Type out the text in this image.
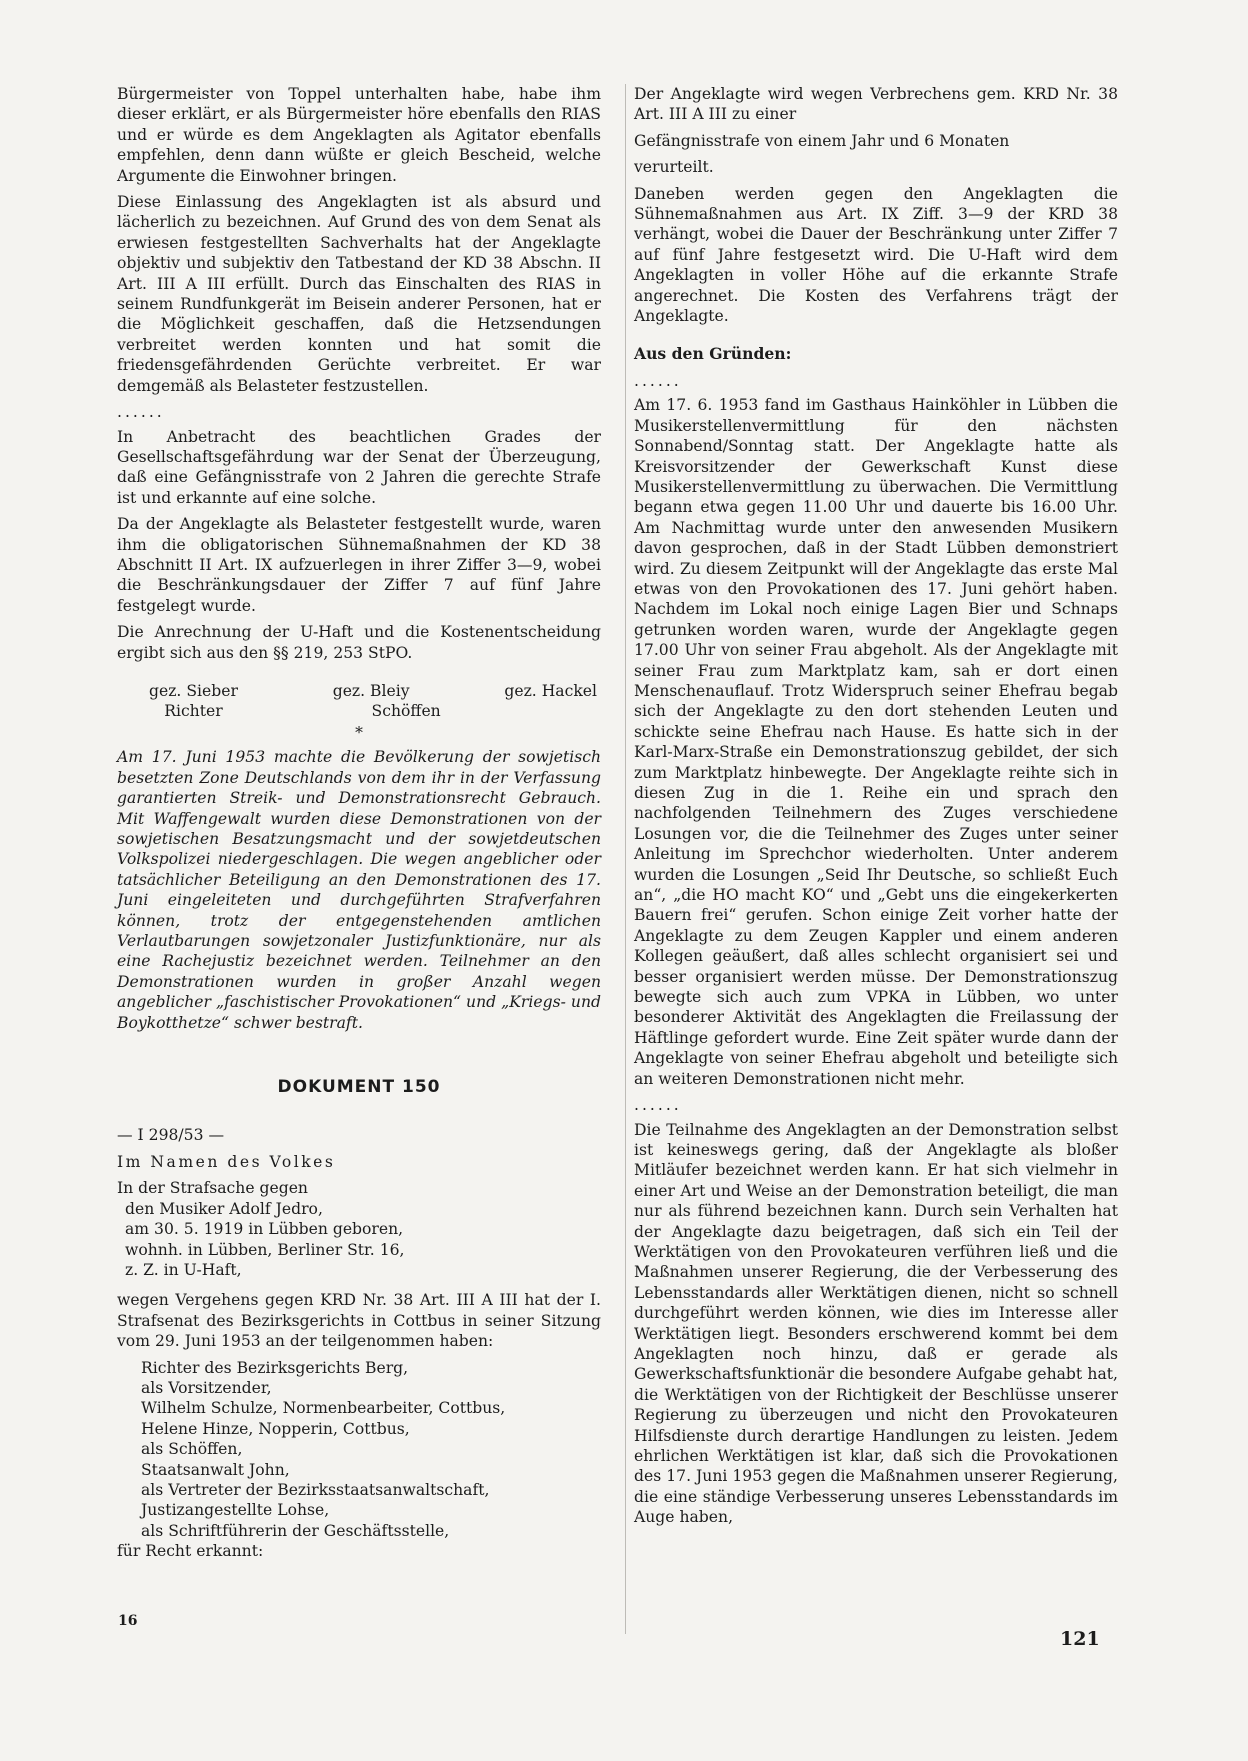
Bürgermeister von Toppel unterhalten habe, habe ihm dieser erklärt, er als Bürgermeister höre ebenfalls den RIAS und er würde es dem Angeklagten als Agitator ebenfalls empfehlen, denn dann wüßte er gleich Bescheid, welche Argumente die Einwohner bringen.

Diese Einlassung des Angeklagten ist als absurd und lächerlich zu bezeichnen. Auf Grund des von dem Senat als erwiesen festgestellten Sachverhalts hat der Angeklagte objektiv und subjektiv den Tatbestand der KD 38 Abschn. II Art. III A III erfüllt. Durch das Einschalten des RIAS in seinem Rundfunkgerät im Beisein anderer Personen, hat er die Möglichkeit geschaffen, daß die Hetzsendungen verbreitet werden konnten und hat somit die friedensgefährdenden Gerüchte verbreitet. Er war demgemäß als Belasteter festzustellen.

......

In Anbetracht des beachtlichen Grades der Gesellschaftsgefährdung war der Senat der Überzeugung, daß eine Gefängnisstrafe von 2 Jahren die gerechte Strafe ist und erkannte auf eine solche.

Da der Angeklagte als Belasteter festgestellt wurde, waren ihm die obligatorischen Sühnemaßnahmen der KD 38 Abschnitt II Art. IX aufzuerlegen in ihrer Ziffer 3—9, wobei die Beschränkungsdauer der Ziffer 7 auf fünf Jahre festgelegt wurde.

Die Anrechnung der U-Haft und die Kostenentscheidung ergibt sich aus den §§ 219, 253 StPO.

gez. Sieber
Richter
gez. Bleiy
Schöffen
gez. Hackel
*

Am 17. Juni 1953 machte die Bevölkerung der sowjetisch besetzten Zone Deutschlands von dem ihr in der Verfassung garantierten Streik- und Demonstrationsrecht Gebrauch. Mit Waffengewalt wurden diese Demonstrationen von der sowjetischen Besatzungsmacht und der sowjetdeutschen Volkspolizei niedergeschlagen. Die wegen angeblicher oder tatsächlicher Beteiligung an den Demonstrationen des 17. Juni eingeleiteten und durchgeführten Strafverfahren können, trotz der entgegenstehenden amtlichen Verlautbarungen sowjetzonaler Justizfunktionäre, nur als eine Rachejustiz bezeichnet werden. Teilnehmer an den Demonstrationen wurden in großer Anzahl wegen angeblicher „faschistischer Provokationen“ und „Kriegs- und Boykotthetze“ schwer bestraft.

DOKUMENT 150

— I 298/53 —

Im Namen des Volkes

In der Strafsache gegen

den Musiker Adolf Jedro,
am 30. 5. 1919 in Lübben geboren,
wohnh. in Lübben, Berliner Str. 16,
z. Z. in U-Haft,

wegen Vergehens gegen KRD Nr. 38 Art. III A III hat der I. Strafsenat des Bezirksgerichts in Cottbus in seiner Sitzung vom 29. Juni 1953 an der teilgenommen haben:

Richter des Bezirksgerichts Berg,
als Vorsitzender,
Wilhelm Schulze, Normenbearbeiter, Cottbus,
Helene Hinze, Nopperin, Cottbus,
als Schöffen,
Staatsanwalt John,
als Vertreter der Bezirksstaatsanwaltschaft,
Justizangestellte Lohse,
als Schriftführerin der Geschäftsstelle,

für Recht erkannt:

Der Angeklagte wird wegen Verbrechens gem. KRD Nr. 38 Art. III A III zu einer

Gefängnisstrafe von einem Jahr und 6 Monaten

verurteilt.

Daneben werden gegen den Angeklagten die Sühnemaßnahmen aus Art. IX Ziff. 3—9 der KRD 38 verhängt, wobei die Dauer der Beschränkung unter Ziffer 7 auf fünf Jahre festgesetzt wird. Die U-Haft wird dem Angeklagten in voller Höhe auf die erkannte Strafe angerechnet. Die Kosten des Verfahrens trägt der Angeklagte.

Aus den Gründen:

......

Am 17. 6. 1953 fand im Gasthaus Hainköhler in Lübben die Musikerstellenvermittlung für den nächsten Sonnabend/Sonntag statt. Der Angeklagte hatte als Kreisvorsitzender der Gewerkschaft Kunst diese Musikerstellenvermittlung zu überwachen. Die Vermittlung begann etwa gegen 11.00 Uhr und dauerte bis 16.00 Uhr. Am Nachmittag wurde unter den anwesenden Musikern davon gesprochen, daß in der Stadt Lübben demonstriert wird. Zu diesem Zeitpunkt will der Angeklagte das erste Mal etwas von den Provokationen des 17. Juni gehört haben. Nachdem im Lokal noch einige Lagen Bier und Schnaps getrunken worden waren, wurde der Angeklagte gegen 17.00 Uhr von seiner Frau abgeholt. Als der Angeklagte mit seiner Frau zum Marktplatz kam, sah er dort einen Menschenauflauf. Trotz Widerspruch seiner Ehefrau begab sich der Angeklagte zu den dort stehenden Leuten und schickte seine Ehefrau nach Hause. Es hatte sich in der Karl-Marx-Straße ein Demonstrationszug gebildet, der sich zum Marktplatz hinbewegte. Der Angeklagte reihte sich in diesen Zug in die 1. Reihe ein und sprach den nachfolgenden Teilnehmern des Zuges verschiedene Losungen vor, die die Teilnehmer des Zuges unter seiner Anleitung im Sprechchor wiederholten. Unter anderem wurden die Losungen „Seid Ihr Deutsche, so schließt Euch an“, „die HO macht KO“ und „Gebt uns die eingekerkerten Bauern frei“ gerufen. Schon einige Zeit vorher hatte der Angeklagte zu dem Zeugen Kappler und einem anderen Kollegen geäußert, daß alles schlecht organisiert sei und besser organisiert werden müsse. Der Demonstrationszug bewegte sich auch zum VPKA in Lübben, wo unter besonderer Aktivität des Angeklagten die Freilassung der Häftlinge gefordert wurde. Eine Zeit später wurde dann der Angeklagte von seiner Ehefrau abgeholt und beteiligte sich an weiteren Demonstrationen nicht mehr.

......

Die Teilnahme des Angeklagten an der Demonstration selbst ist keineswegs gering, daß der Angeklagte als bloßer Mitläufer bezeichnet werden kann. Er hat sich vielmehr in einer Art und Weise an der Demonstration beteiligt, die man nur als führend bezeichnen kann. Durch sein Verhalten hat der Angeklagte dazu beigetragen, daß sich ein Teil der Werktätigen von den Provokateuren verführen ließ und die Maßnahmen unserer Regierung, die der Verbesserung des Lebensstandards aller Werktätigen dienen, nicht so schnell durchgeführt werden können, wie dies im Interesse aller Werktätigen liegt. Besonders erschwerend kommt bei dem Angeklagten noch hinzu, daß er gerade als Gewerkschaftsfunktionär die besondere Aufgabe gehabt hat, die Werktätigen von der Richtigkeit der Beschlüsse unserer Regierung zu überzeugen und nicht den Provokateuren Hilfsdienste durch derartige Handlungen zu leisten. Jedem ehrlichen Werktätigen ist klar, daß sich die Provokationen des 17. Juni 1953 gegen die Maßnahmen unserer Regierung, die eine ständige Verbesserung unseres Lebensstandards im Auge haben,

16
121
